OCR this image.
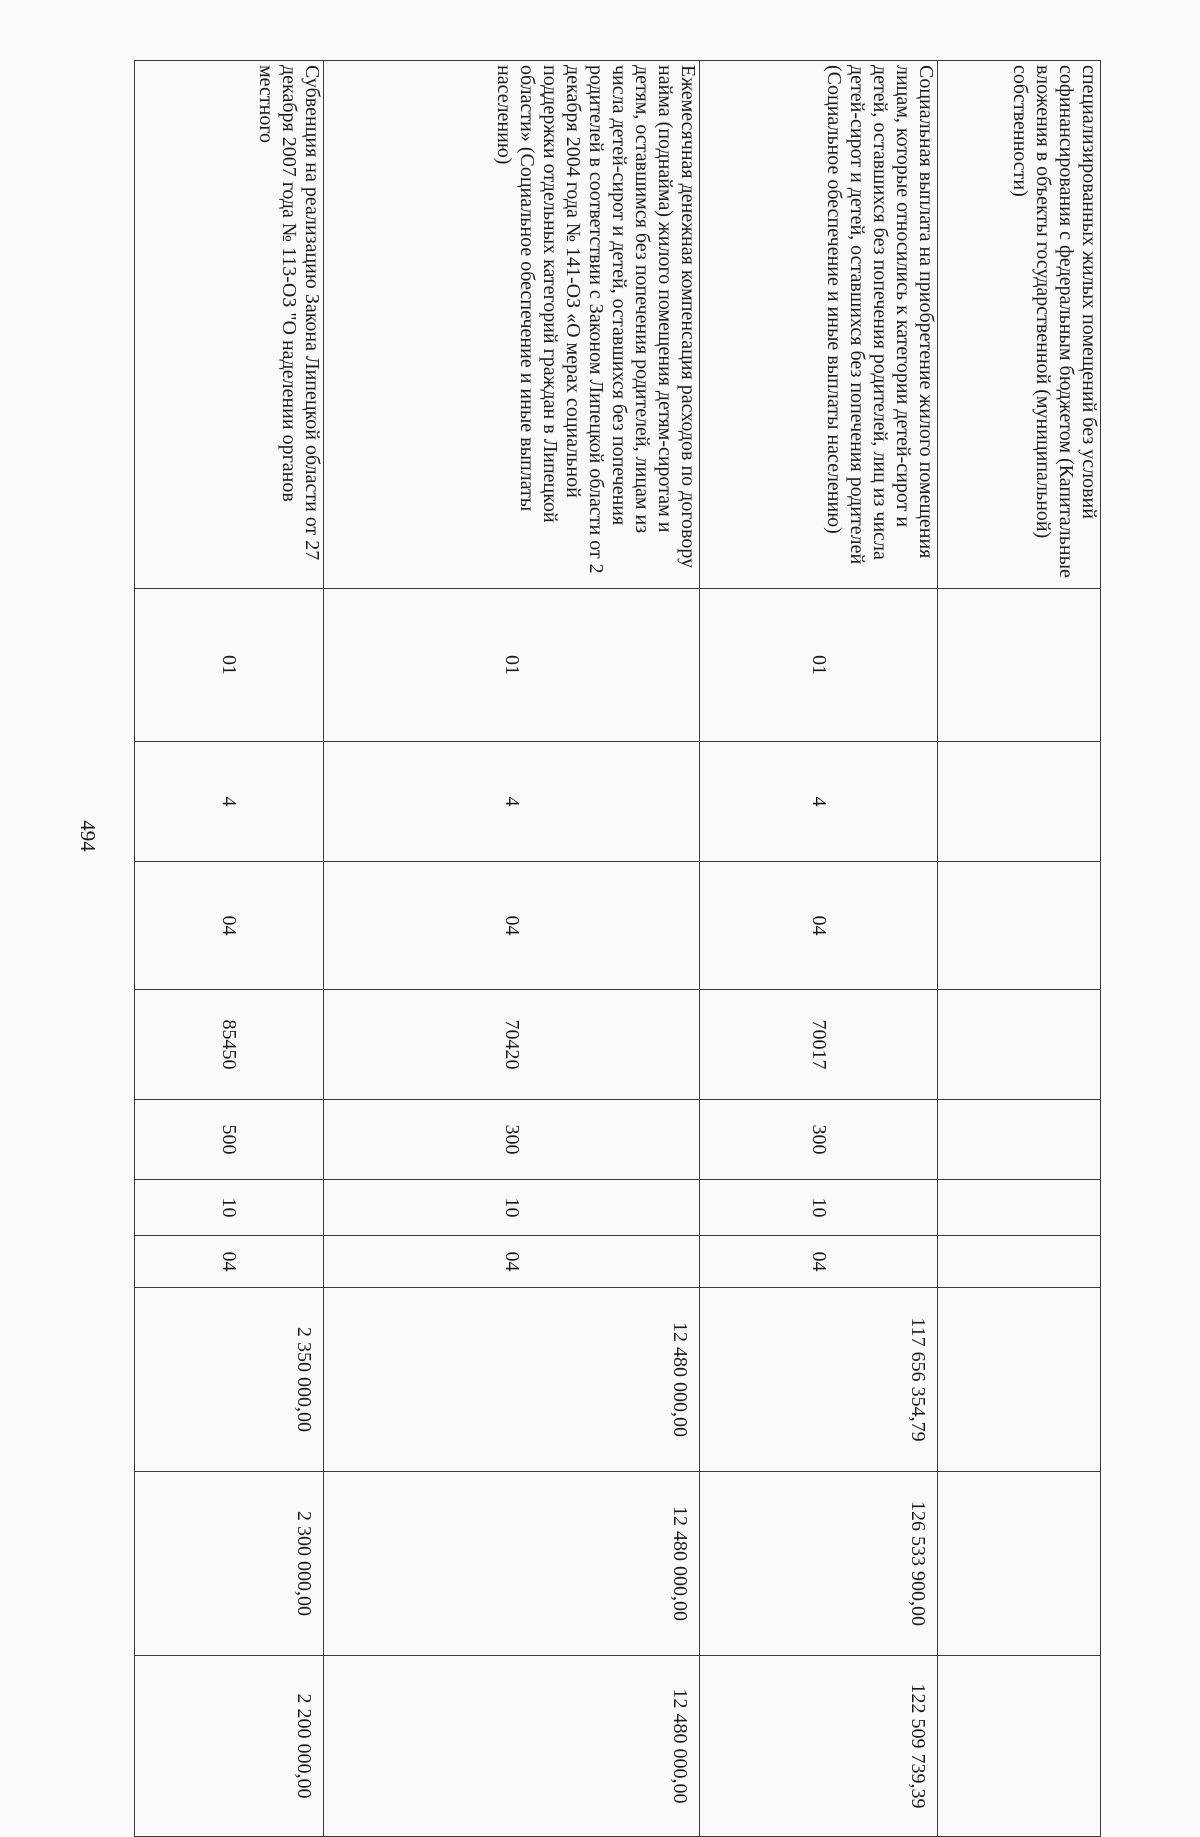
494
специализированных жилых помещений без условий софинансирования с федеральным бюджетом (Капитальные вложения в объекты государственной (муниципальной) собственности)										
Социальная выплата на приобретение жилого помещения лицам, которые относились к категории детей-сирот и детей, оставшихся без попечения родителей, лиц из числа детей-сирот и детей, оставшихся без попечения родителей (Социальное обеспечение и иные выплаты населению)	01	4	04	70017	300	10	04	117 656 354,79	126 533 900,00	122 509 739,39
Ежемесячная денежная компенсация расходов по договору найма (поднайма) жилого помещения детям-сиротам и детям, оставшимся без попечения родителей, лицам из числа детей-сирот и детей, оставшихся без попечения родителей в соответствии с Законом Липецкой области от 2 декабря 2004 года № 141-ОЗ «О мерах социальной поддержки отдельных категорий граждан в Липецкой области» (Социальное обеспечение и иные выплаты населению)	01	4	04	70420	300	10	04	12 480 000,00	12 480 000,00	12 480 000,00
Субвенция на реализацию Закона Липецкой области от 27 декабря 2007 года № 113-ОЗ "О наделении органов местного	01	4	04	85450	500	10	04	2 350 000,00	2 300 000,00	2 200 000,00
